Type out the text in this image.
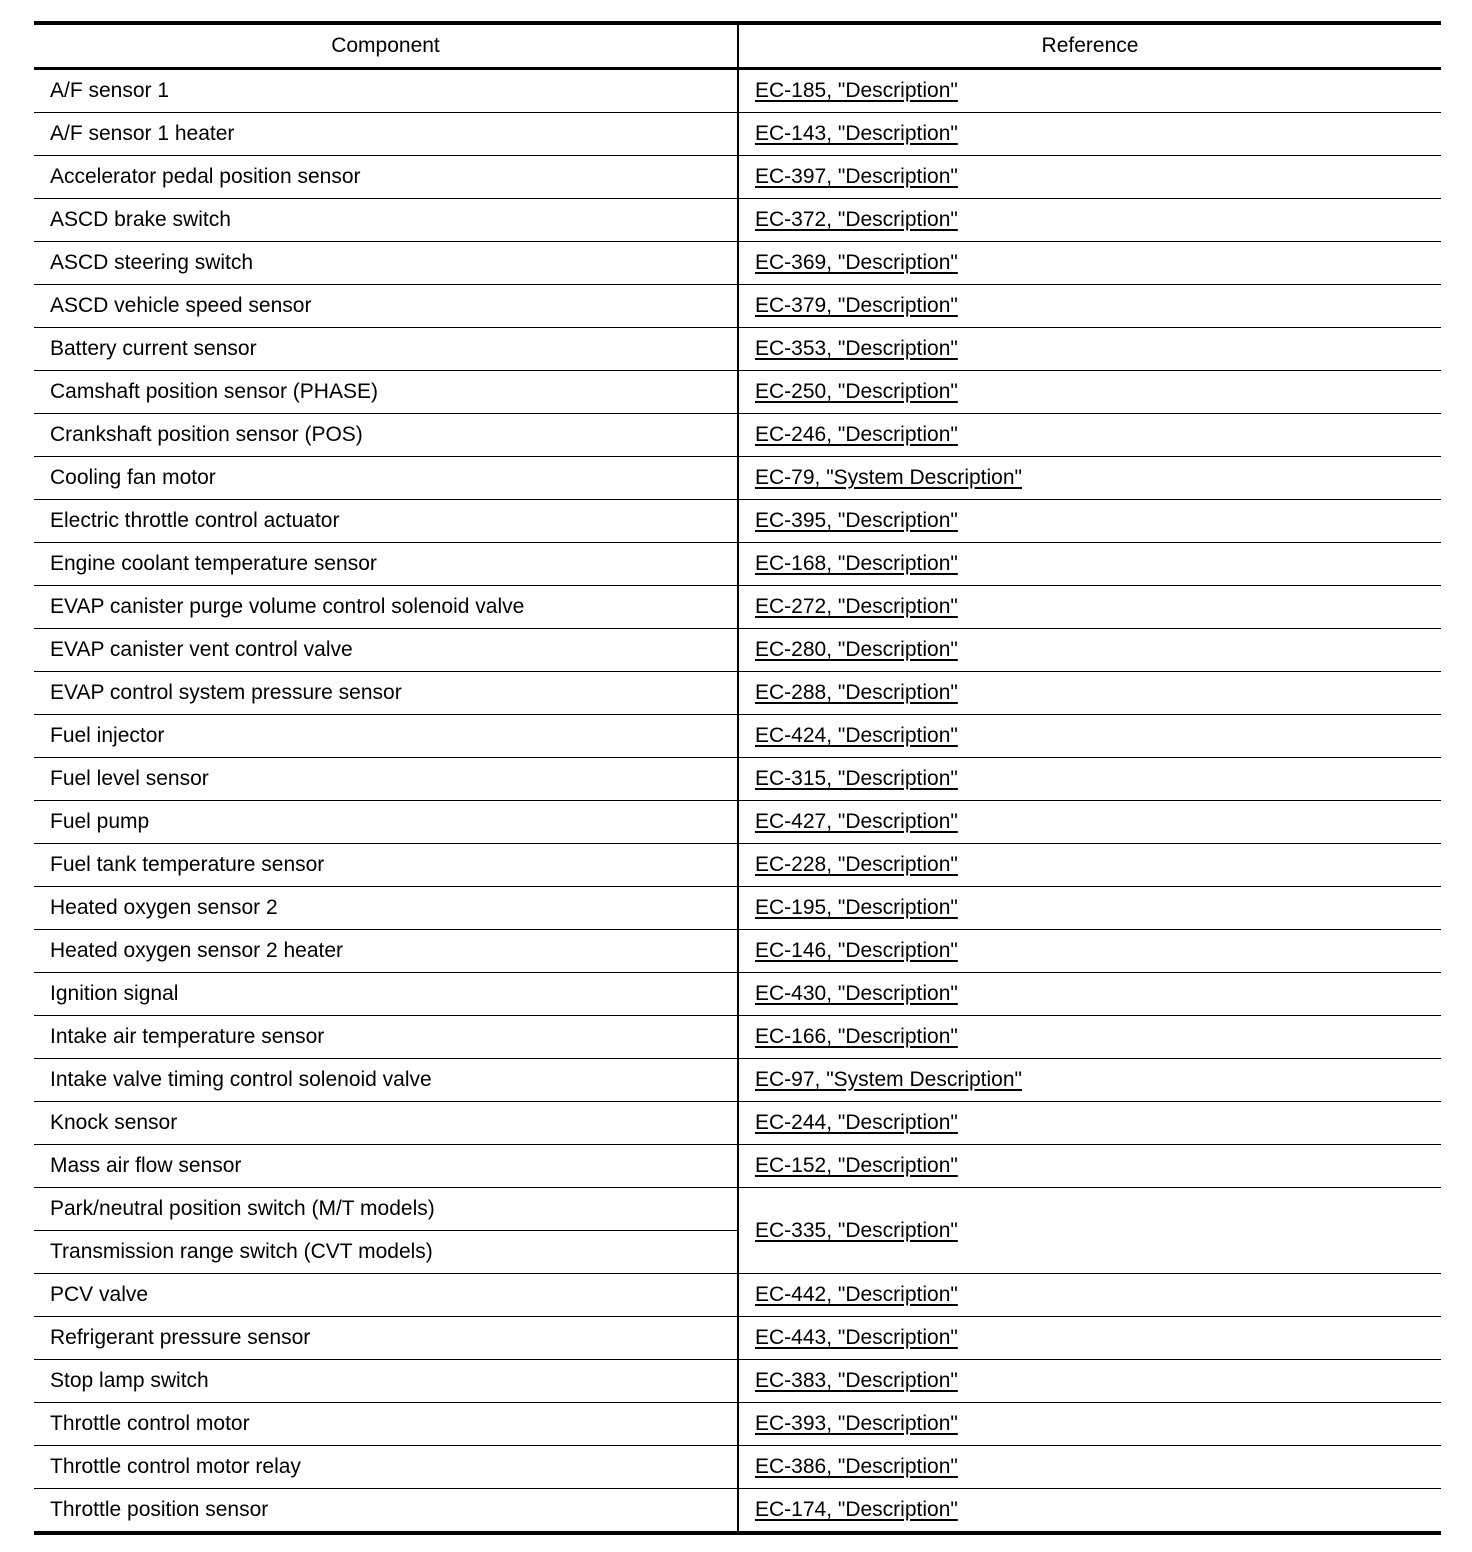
Component	Reference
A/F sensor 1	EC-185, "Description"
A/F sensor 1 heater	EC-143, "Description"
Accelerator pedal position sensor	EC-397, "Description"
ASCD brake switch	EC-372, "Description"
ASCD steering switch	EC-369, "Description"
ASCD vehicle speed sensor	EC-379, "Description"
Battery current sensor	EC-353, "Description"
Camshaft position sensor (PHASE)	EC-250, "Description"
Crankshaft position sensor (POS)	EC-246, "Description"
Cooling fan motor	EC-79, "System Description"
Electric throttle control actuator	EC-395, "Description"
Engine coolant temperature sensor	EC-168, "Description"
EVAP canister purge volume control solenoid valve	EC-272, "Description"
EVAP canister vent control valve	EC-280, "Description"
EVAP control system pressure sensor	EC-288, "Description"
Fuel injector	EC-424, "Description"
Fuel level sensor	EC-315, "Description"
Fuel pump	EC-427, "Description"
Fuel tank temperature sensor	EC-228, "Description"
Heated oxygen sensor 2	EC-195, "Description"
Heated oxygen sensor 2 heater	EC-146, "Description"
Ignition signal	EC-430, "Description"
Intake air temperature sensor	EC-166, "Description"
Intake valve timing control solenoid valve	EC-97, "System Description"
Knock sensor	EC-244, "Description"
Mass air flow sensor	EC-152, "Description"
Park/neutral position switch (M/T models)	EC-335, "Description"
Transmission range switch (CVT models)	
PCV valve	EC-442, "Description"
Refrigerant pressure sensor	EC-443, "Description"
Stop lamp switch	EC-383, "Description"
Throttle control motor	EC-393, "Description"
Throttle control motor relay	EC-386, "Description"
Throttle position sensor	EC-174, "Description"
